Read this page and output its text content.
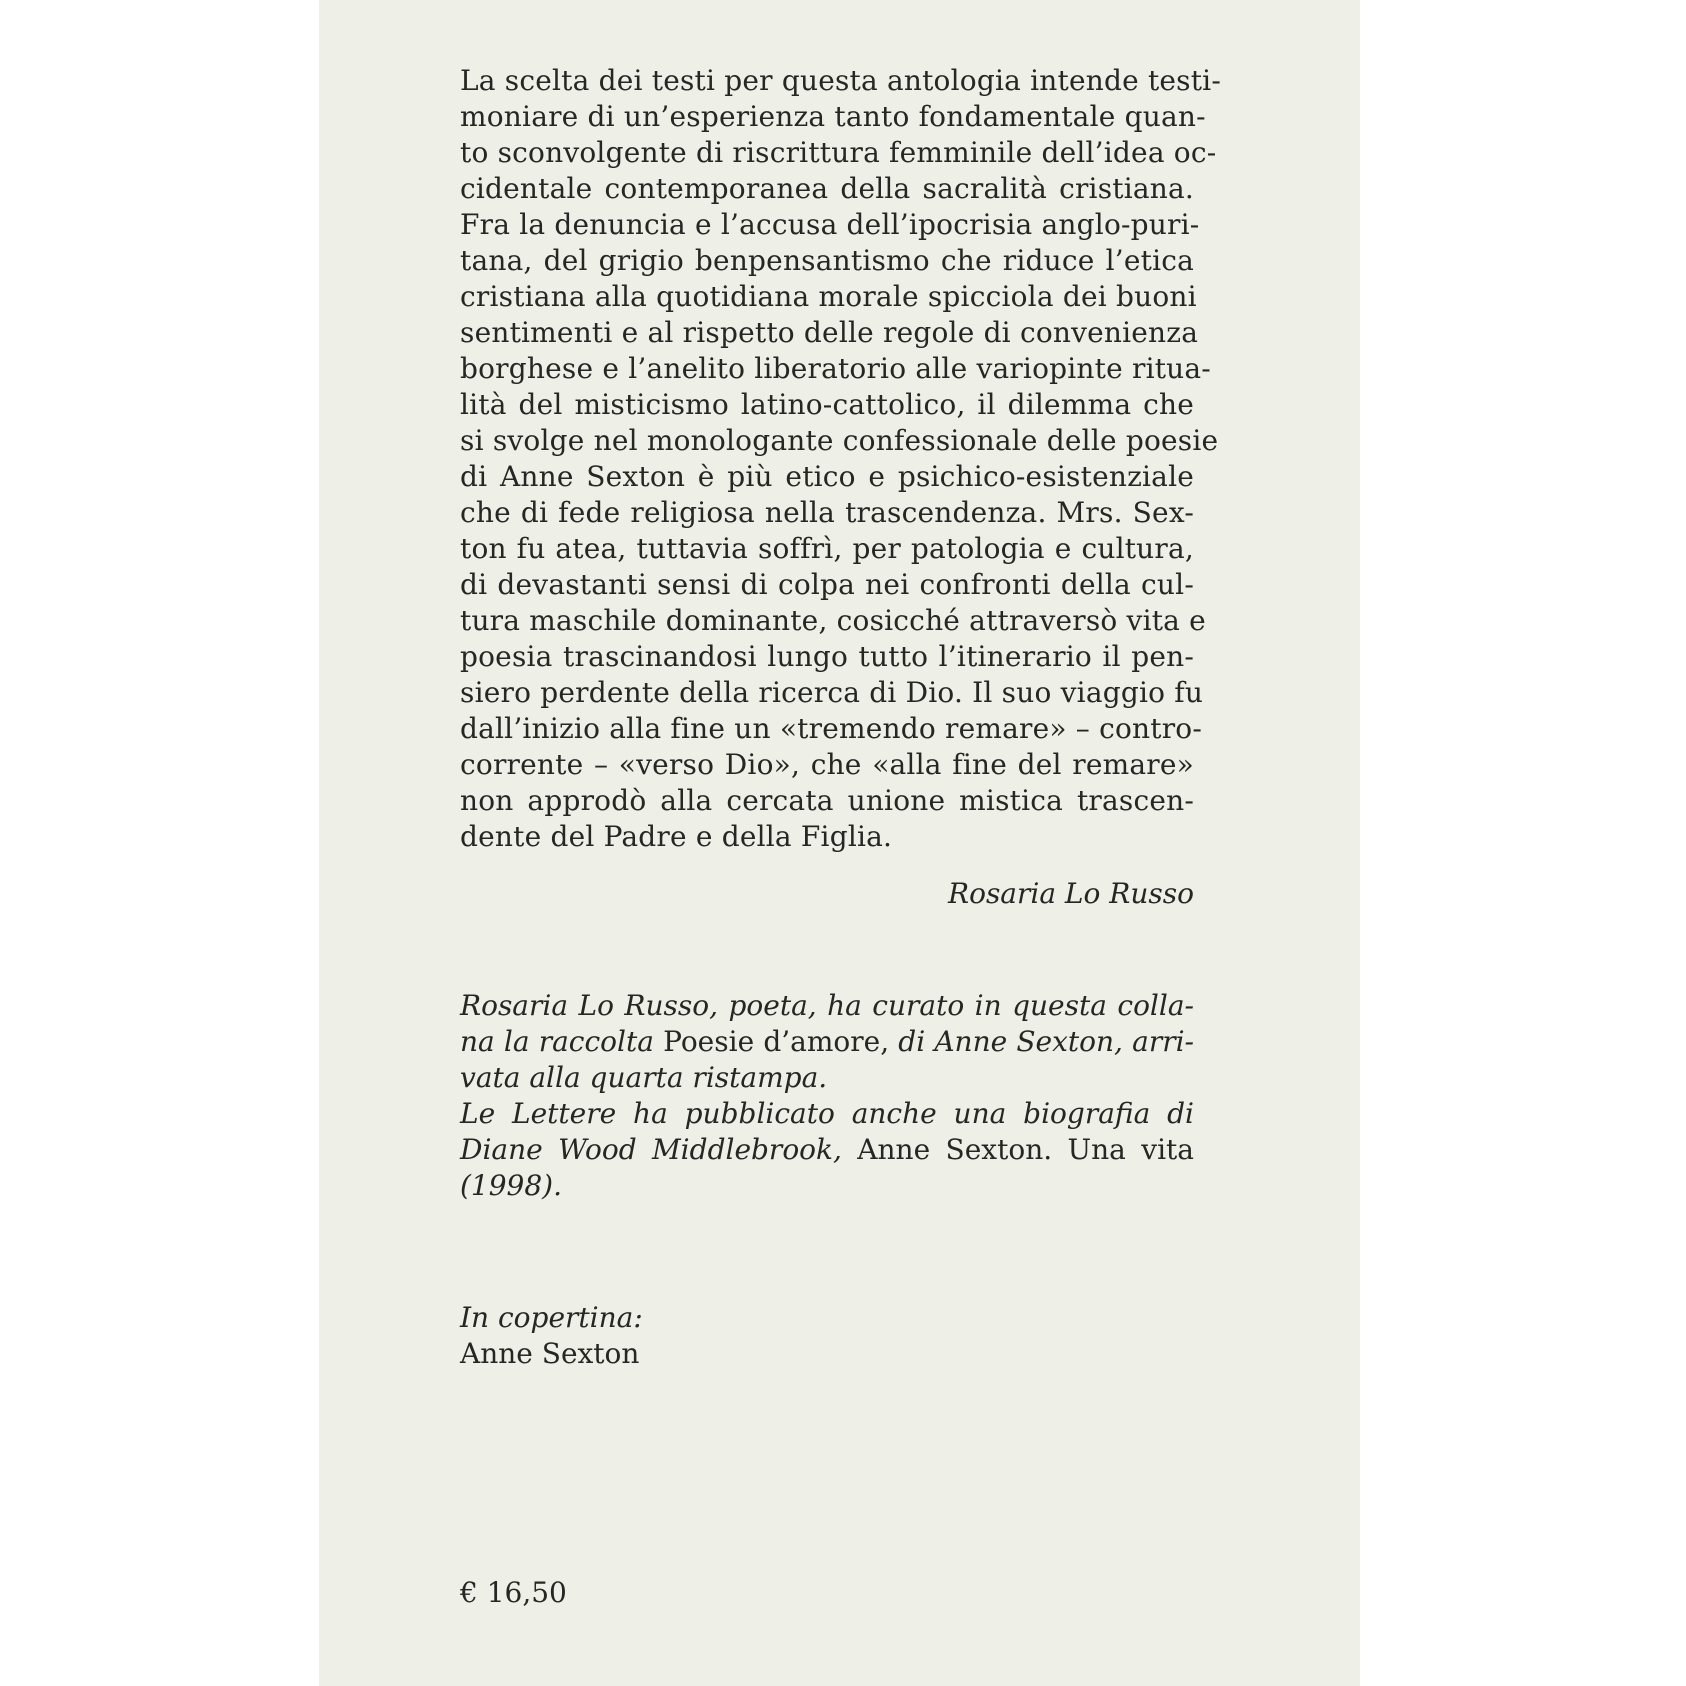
La scelta dei testi per questa antologia intende testi-
moniare di un’esperienza tanto fondamentale quan-
to sconvolgente di riscrittura femminile dell’idea oc-
cidentale contemporanea della sacralità cristiana.
Fra la denuncia e l’accusa dell’ipocrisia anglo-puri-
tana, del grigio benpensantismo che riduce l’etica
cristiana alla quotidiana morale spicciola dei buoni
sentimenti e al rispetto delle regole di convenienza
borghese e l’anelito liberatorio alle variopinte ritua-
lità del misticismo latino-cattolico, il dilemma che
si svolge nel monologante confessionale delle poesie
di Anne Sexton è più etico e psichico-esistenziale
che di fede religiosa nella trascendenza. Mrs. Sex-
ton fu atea, tuttavia soffrì, per patologia e cultura,
di devastanti sensi di colpa nei confronti della cul-
tura maschile dominante, cosicché attraversò vita e
poesia trascinandosi lungo tutto l’itinerario il pen-
siero perdente della ricerca di Dio. Il suo viaggio fu
dall’inizio alla fine un «tremendo remare» – contro-
corrente – «verso Dio», che «alla fine del remare»
non approdò alla cercata unione mistica trascen-
dente del Padre e della Figlia.
Rosaria Lo Russo
Rosaria Lo Russo, poeta, ha curato in questa colla-
na la raccolta Poesie d’amore, di Anne Sexton, arri-
vata alla quarta ristampa.
Le Lettere ha pubblicato anche una biografia di
Diane Wood Middlebrook, Anne Sexton. Una vita
(1998).
In copertina:
Anne Sexton
€ 16,50
